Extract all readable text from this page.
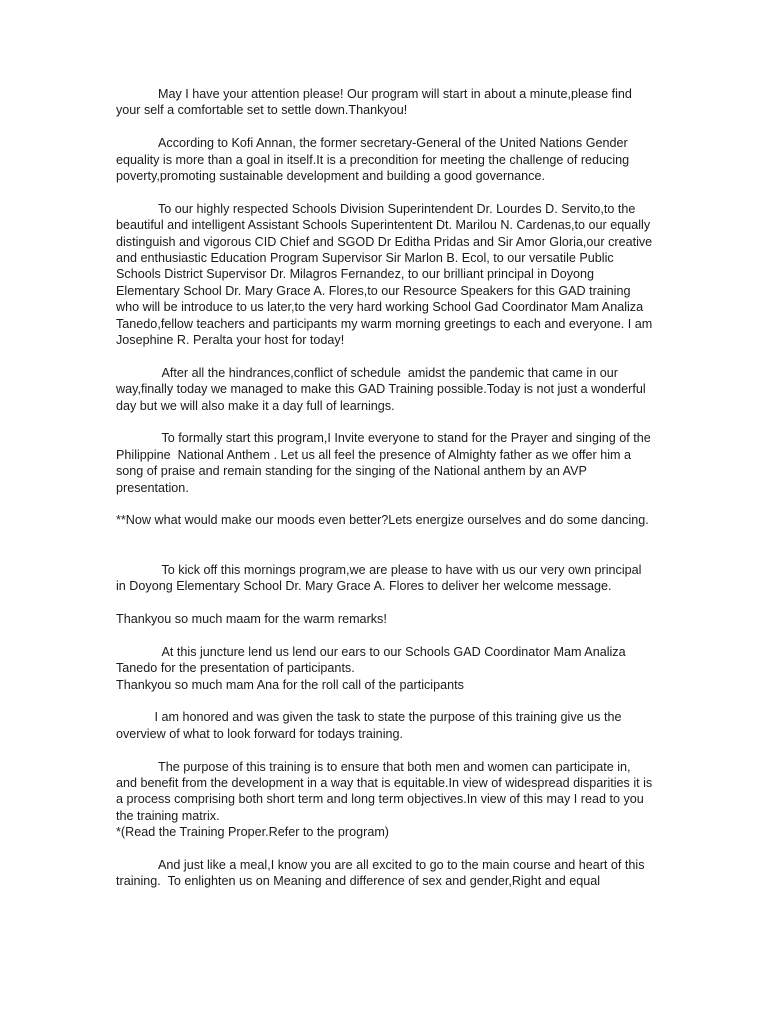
May I have your attention please! Our program will start in about a minute,please find your self a comfortable set to settle down.Thankyou!

According to Kofi Annan, the former secretary-General of the United Nations Gender equality is more than a goal in itself.It is a precondition for meeting the challenge of reducing poverty,promoting sustainable development and building a good governance.

To our highly respected Schools Division Superintendent Dr. Lourdes D. Servito,to the beautiful and intelligent Assistant Schools Superintentent Dt. Marilou N. Cardenas,to our equally distinguish and vigorous CID Chief and SGOD Dr Editha Pridas and Sir Amor Gloria,our creative and enthusiastic Education Program Supervisor Sir Marlon B. Ecol, to our versatile Public Schools District Supervisor Dr. Milagros Fernandez, to our brilliant principal in Doyong Elementary School Dr. Mary Grace A. Flores,to our Resource Speakers for this GAD training who will be introduce to us later,to the very hard working School Gad Coordinator Mam Analiza Tanedo,fellow teachers and participants my warm morning greetings to each and everyone. I am Josephine R. Peralta your host for today!

After all the hindrances,conflict of schedule  amidst the pandemic that came in our way,finally today we managed to make this GAD Training possible.Today is not just a wonderful day but we will also make it a day full of learnings.

To formally start this program,I Invite everyone to stand for the Prayer and singing of the Philippine  National Anthem . Let us all feel the presence of Almighty father as we offer him a song of praise and remain standing for the singing of the National anthem by an AVP presentation.

**Now what would make our moods even better?Lets energize ourselves and do some dancing.

To kick off this mornings program,we are please to have with us our very own principal in Doyong Elementary School Dr. Mary Grace A. Flores to deliver her welcome message.

Thankyou so much maam for the warm remarks!

At this juncture lend us lend our ears to our Schools GAD Coordinator Mam Analiza Tanedo for the presentation of participants.

Thankyou so much mam Ana for the roll call of the participants

I am honored and was given the task to state the purpose of this training give us the overview of what to look forward for todays training.

The purpose of this training is to ensure that both men and women can participate in, and benefit from the development in a way that is equitable.In view of widespread disparities it is a process comprising both short term and long term objectives.In view of this may I read to you the training matrix.

*(Read the Training Proper.Refer to the program)

And just like a meal,I know you are all excited to go to the main course and heart of this training.  To enlighten us on Meaning and difference of sex and gender,Right and equal
